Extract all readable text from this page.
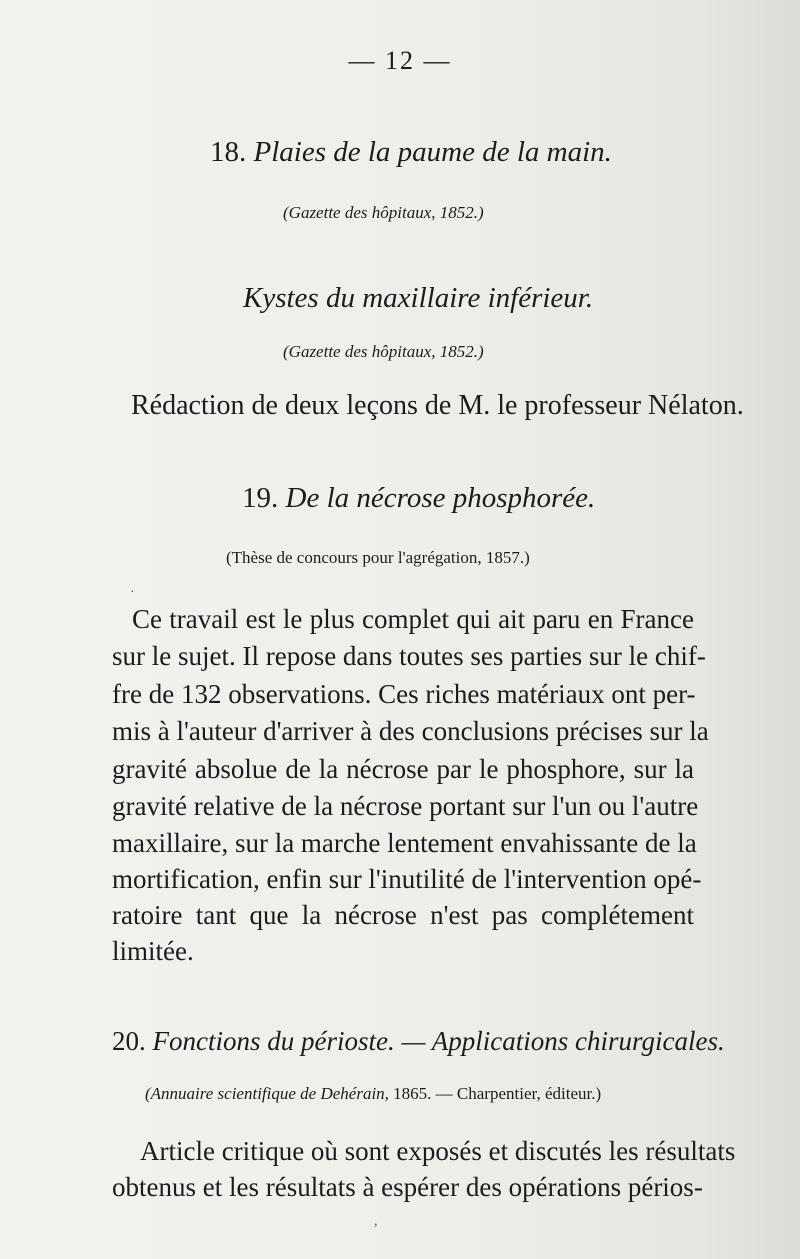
— 12 —
18. Plaies de la paume de la main.
(Gazette des hôpitaux, 1852.)
Kystes du maxillaire inférieur.
(Gazette des hôpitaux, 1852.)
Rédaction de deux leçons de M. le professeur Nélaton.
19. De la nécrose phosphorée.
(Thèse de concours pour l'agrégation, 1857.)
Ce travail est le plus complet qui ait paru en France
sur le sujet. Il repose dans toutes ses parties sur le chif-
fre de 132 observations. Ces riches matériaux ont per-
mis à l'auteur d'arriver à des conclusions précises sur la
gravité absolue de la nécrose par le phosphore, sur la
gravité relative de la nécrose portant sur l'un ou l'autre
maxillaire, sur la marche lentement envahissante de la
mortification, enfin sur l'inutilité de l'intervention opé-
ratoire tant que la nécrose n'est pas complétement
limitée.
20. Fonctions du périoste. — Applications chirurgicales.
(Annuaire scientifique de Dehérain, 1865. — Charpentier, éditeur.)
Article critique où sont exposés et discutés les résultats
obtenus et les résultats à espérer des opérations périos-
·
,
